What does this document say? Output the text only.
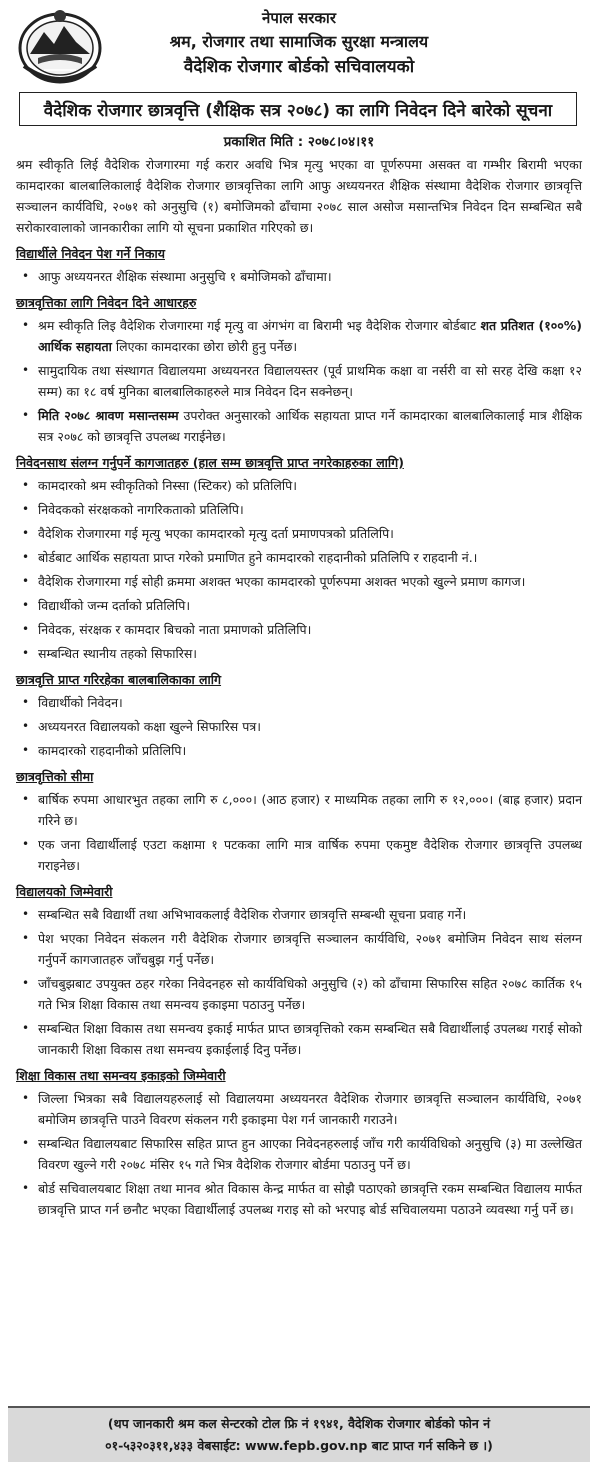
नेपाल सरकार
श्रम, रोजगार तथा सामाजिक सुरक्षा मन्त्रालय
वैदेशिक रोजगार बोर्डको सचिवालयको
वैदेशिक रोजगार छात्रवृत्ति (शैक्षिक सत्र २०७८) का लागि निवेदन दिने बारेको सूचना
प्रकाशित मिति : २०७८।०४।११

श्रम स्वीकृति लिई वैदेशिक रोजगारमा गई करार अवधि भित्र मृत्यु भएका वा पूर्णरुपमा असक्त वा गम्भीर बिरामी भएका कामदारका बालबालिकालाई वैदेशिक रोजगार छात्रवृत्तिका लागि आफु अध्ययनरत शैक्षिक संस्थामा वैदेशिक रोजगार छात्रवृत्ति सञ्चालन कार्यविधि, २०७१ को अनुसुचि (१) बमोजिमको ढाँचामा २०७८ साल असोज मसान्तभित्र निवेदन दिन सम्बन्धित सबै सरोकारवालाको जानकारीका लागि यो सूचना प्रकाशित गरिएको छ।

विद्यार्थीले निवेदन पेश गर्ने निकाय
• आफु अध्ययनरत शैक्षिक संस्थामा अनुसुचि १ बमोजिमको ढाँचामा।
छात्रवृत्तिका लागि निवेदन दिने आधारहरु
• श्रम स्वीकृति लिइ वैदेशिक रोजगारमा गई मृत्यु वा अंगभंग वा बिरामी भइ वैदेशिक रोजगार बोर्डबाट शत प्रतिशत (१००%) आर्थिक सहायता लिएका कामदारका छोरा छोरी हुनु पर्नेछ।
• सामुदायिक तथा संस्थागत विद्यालयमा अध्ययनरत विद्यालयस्तर (पूर्व प्राथमिक कक्षा वा नर्सरी वा सो सरह देखि कक्षा १२ सम्म) का १८ वर्ष मुनिका बालबालिकाहरुले मात्र निवेदन दिन सक्नेछन्।
• मिति २०७८ श्रावण मसान्तसम्म उपरोक्त अनुसारको आर्थिक सहायता प्राप्त गर्ने कामदारका बालबालिकालाई मात्र शैक्षिक सत्र २०७८ को छात्रवृत्ति उपलब्ध गराईनेछ।
निवेदनसाथ संलग्न गर्नुपर्ने कागजातहरु (हाल सम्म छात्रवृत्ति प्राप्त नगरेकाहरुका लागि)
• कामदारको श्रम स्वीकृतिको निस्सा (स्टिकर) को प्रतिलिपि।
• निवेदकको संरक्षकको नागरिकताको प्रतिलिपि।
• वैदेशिक रोजगारमा गई मृत्यु भएका कामदारको मृत्यु दर्ता प्रमाणपत्रको प्रतिलिपि।
• बोर्डबाट आर्थिक सहायता प्राप्त गरेको प्रमाणित हुने कामदारको राहदानीको प्रतिलिपि र राहदानी नं.।
• वैदेशिक रोजगारमा गई सोही क्रममा अशक्त भएका कामदारको पूर्णरुपमा अशक्त भएको खुल्ने प्रमाण कागज।
• विद्यार्थीको जन्म दर्ताको प्रतिलिपि।
• निवेदक, संरक्षक र कामदार बिचको नाता प्रमाणको प्रतिलिपि।
• सम्बन्धित स्थानीय तहको सिफारिस।
छात्रवृत्ति प्राप्त गरिरहेका बालबालिकाका लागि
• विद्यार्थीको निवेदन।
• अध्ययनरत विद्यालयको कक्षा खुल्ने सिफारिस पत्र।
• कामदारको राहदानीको प्रतिलिपि।
छात्रवृत्तिको सीमा
• बार्षिक रुपमा आधारभुत तहका लागि रु ८,०००। (आठ हजार) र माध्यमिक तहका लागि रु १२,०००। (बाह्र हजार) प्रदान गरिने छ।
• एक जना विद्यार्थीलाई एउटा कक्षामा १ पटकका लागि मात्र वार्षिक रुपमा एकमुष्ट वैदेशिक रोजगार छात्रवृत्ति उपलब्ध गराइनेछ।
विद्यालयको जिम्मेवारी
• सम्बन्धित सबै विद्यार्थी तथा अभिभावकलाई वैदेशिक रोजगार छात्रवृत्ति सम्बन्धी सूचना प्रवाह गर्ने।
• पेश भएका निवेदन संकलन गरी वैदेशिक रोजगार छात्रवृत्ति सञ्चालन कार्यविधि, २०७१ बमोजिम निवेदन साथ संलग्न गर्नुपर्ने कागजातहरु जाँचबुझ गर्नु पर्नेछ।
• जाँचबुझबाट उपयुक्त ठहर गरेका निवेदनहरु सो कार्यविधिको अनुसुचि (२) को ढाँचामा सिफारिस सहित २०७८ कार्तिक १५ गते भित्र शिक्षा विकास तथा समन्वय इकाइमा पठाउनु पर्नेछ।
• सम्बन्धित शिक्षा विकास तथा समन्वय इकाई मार्फत प्राप्त छात्रवृत्तिको रकम सम्बन्धित सबै विद्यार्थीलाई उपलब्ध गराई सोको जानकारी शिक्षा विकास तथा समन्वय इकाईलाई दिनु पर्नेछ।
शिक्षा विकास तथा समन्वय इकाइको जिम्मेवारी
• जिल्ला भित्रका सबै विद्यालयहरुलाई सो विद्यालयमा अध्ययनरत वैदेशिक रोजगार छात्रवृत्ति सञ्चालन कार्यविधि, २०७१ बमोजिम छात्रवृत्ति पाउने विवरण संकलन गरी इकाइमा पेश गर्न जानकारी गराउने।
• सम्बन्धित विद्यालयबाट सिफारिस सहित प्राप्त हुन आएका निवेदनहरुलाई जाँच गरी कार्यविधिको अनुसुचि (३) मा उल्लेखित विवरण खुल्ने गरी २०७८ मंसिर १५ गते भित्र वैदेशिक रोजगार बोर्डमा पठाउनु पर्ने छ।
• बोर्ड सचिवालयबाट शिक्षा तथा मानव श्रोत विकास केन्द्र मार्फत वा सोझै पठाएको छात्रवृत्ति रकम सम्बन्धित विद्यालय मार्फत छात्रवृत्ति प्राप्त गर्न छनौट भएका विद्यार्थीलाई उपलब्ध गराइ सो को भरपाइ बोर्ड सचिवालयमा पठाउने व्यवस्था गर्नु पर्ने छ।
(थप जानकारी श्रम कल सेन्टरको टोल फ्रि नं १९४१, वैदेशिक रोजगार बोर्डको फोन नं
०१-५३२०३११,४३३ वेबसाईट: www.fepb.gov.np बाट प्राप्त गर्न सकिने छ ।)
